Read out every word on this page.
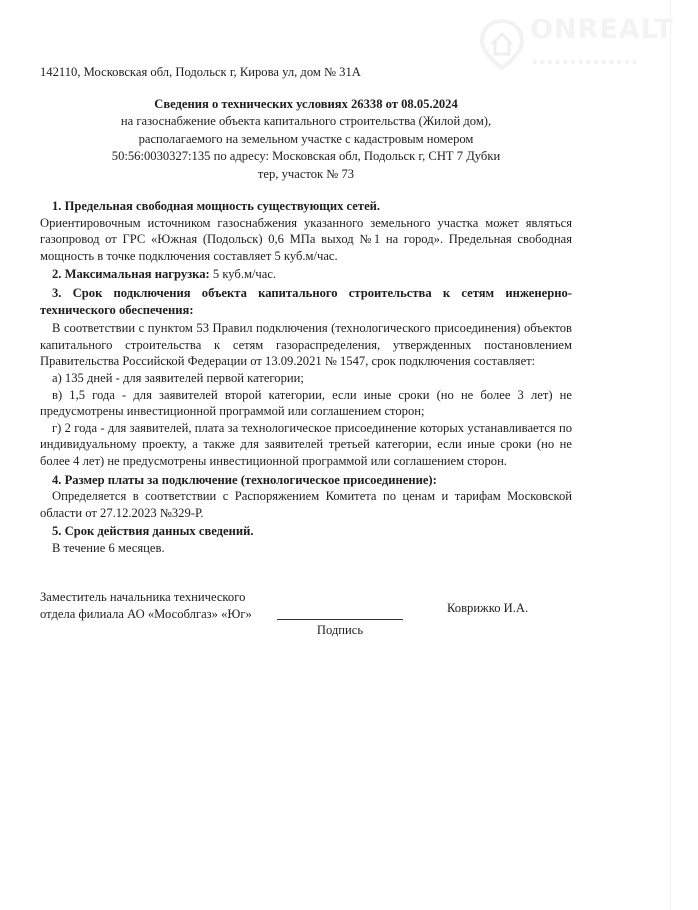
ONREALT
▪▪▪▪▪▪▪▪▪▪▪▪▪▪
142110, Московская обл, Подольск г, Кирова ул, дом № 31А
Сведения о технических условиях 26338 от 08.05.2024
на газоснабжение объекта капитального строительства (Жилой дом),
располагаемого на земельном участке с кадастровым номером
50:56:0030327:135 по адресу: Московская обл, Подольск г, СНТ 7 Дубки
тер, участок № 73

1. Предельная свободная мощность существующих сетей.

Ориентировочным источником газоснабжения указанного земельного участка может являться газопровод от ГРС «Южная (Подольск) 0,6 МПа выход №1 на город». Предельная свободная мощность в точке подключения составляет 5 куб.м/час.

2. Максимальная нагрузка: 5 куб.м/час.

3. Срок подключения объекта капитального строительства к сетям инженерно-технического обеспечения:

В соответствии с пунктом 53 Правил подключения (технологического присоединения) объектов капитального строительства к сетям газораспределения, утвержденных постановлением Правительства Российской Федерации от 13.09.2021 № 1547, срок подключения составляет:

а) 135 дней - для заявителей первой категории;

в) 1,5 года - для заявителей второй категории, если иные сроки (но не более 3 лет) не предусмотрены инвестиционной программой или соглашением сторон;

г) 2 года - для заявителей, плата за технологическое присоединение которых устанавливается по индивидуальному проекту, а также для заявителей третьей категории, если иные сроки (но не более 4 лет) не предусмотрены инвестиционной программой или соглашением сторон.

4. Размер платы за подключение (технологическое присоединение):

Определяется в соответствии с Распоряжением Комитета по ценам и тарифам Московской области от 27.12.2023 №329-Р.

5. Срок действия данных сведений.

В течение 6 месяцев.

Заместитель начальника технического
отдела филиала АО «Мособлгаз» «Юг»
Подпись
Коврижко И.А.
